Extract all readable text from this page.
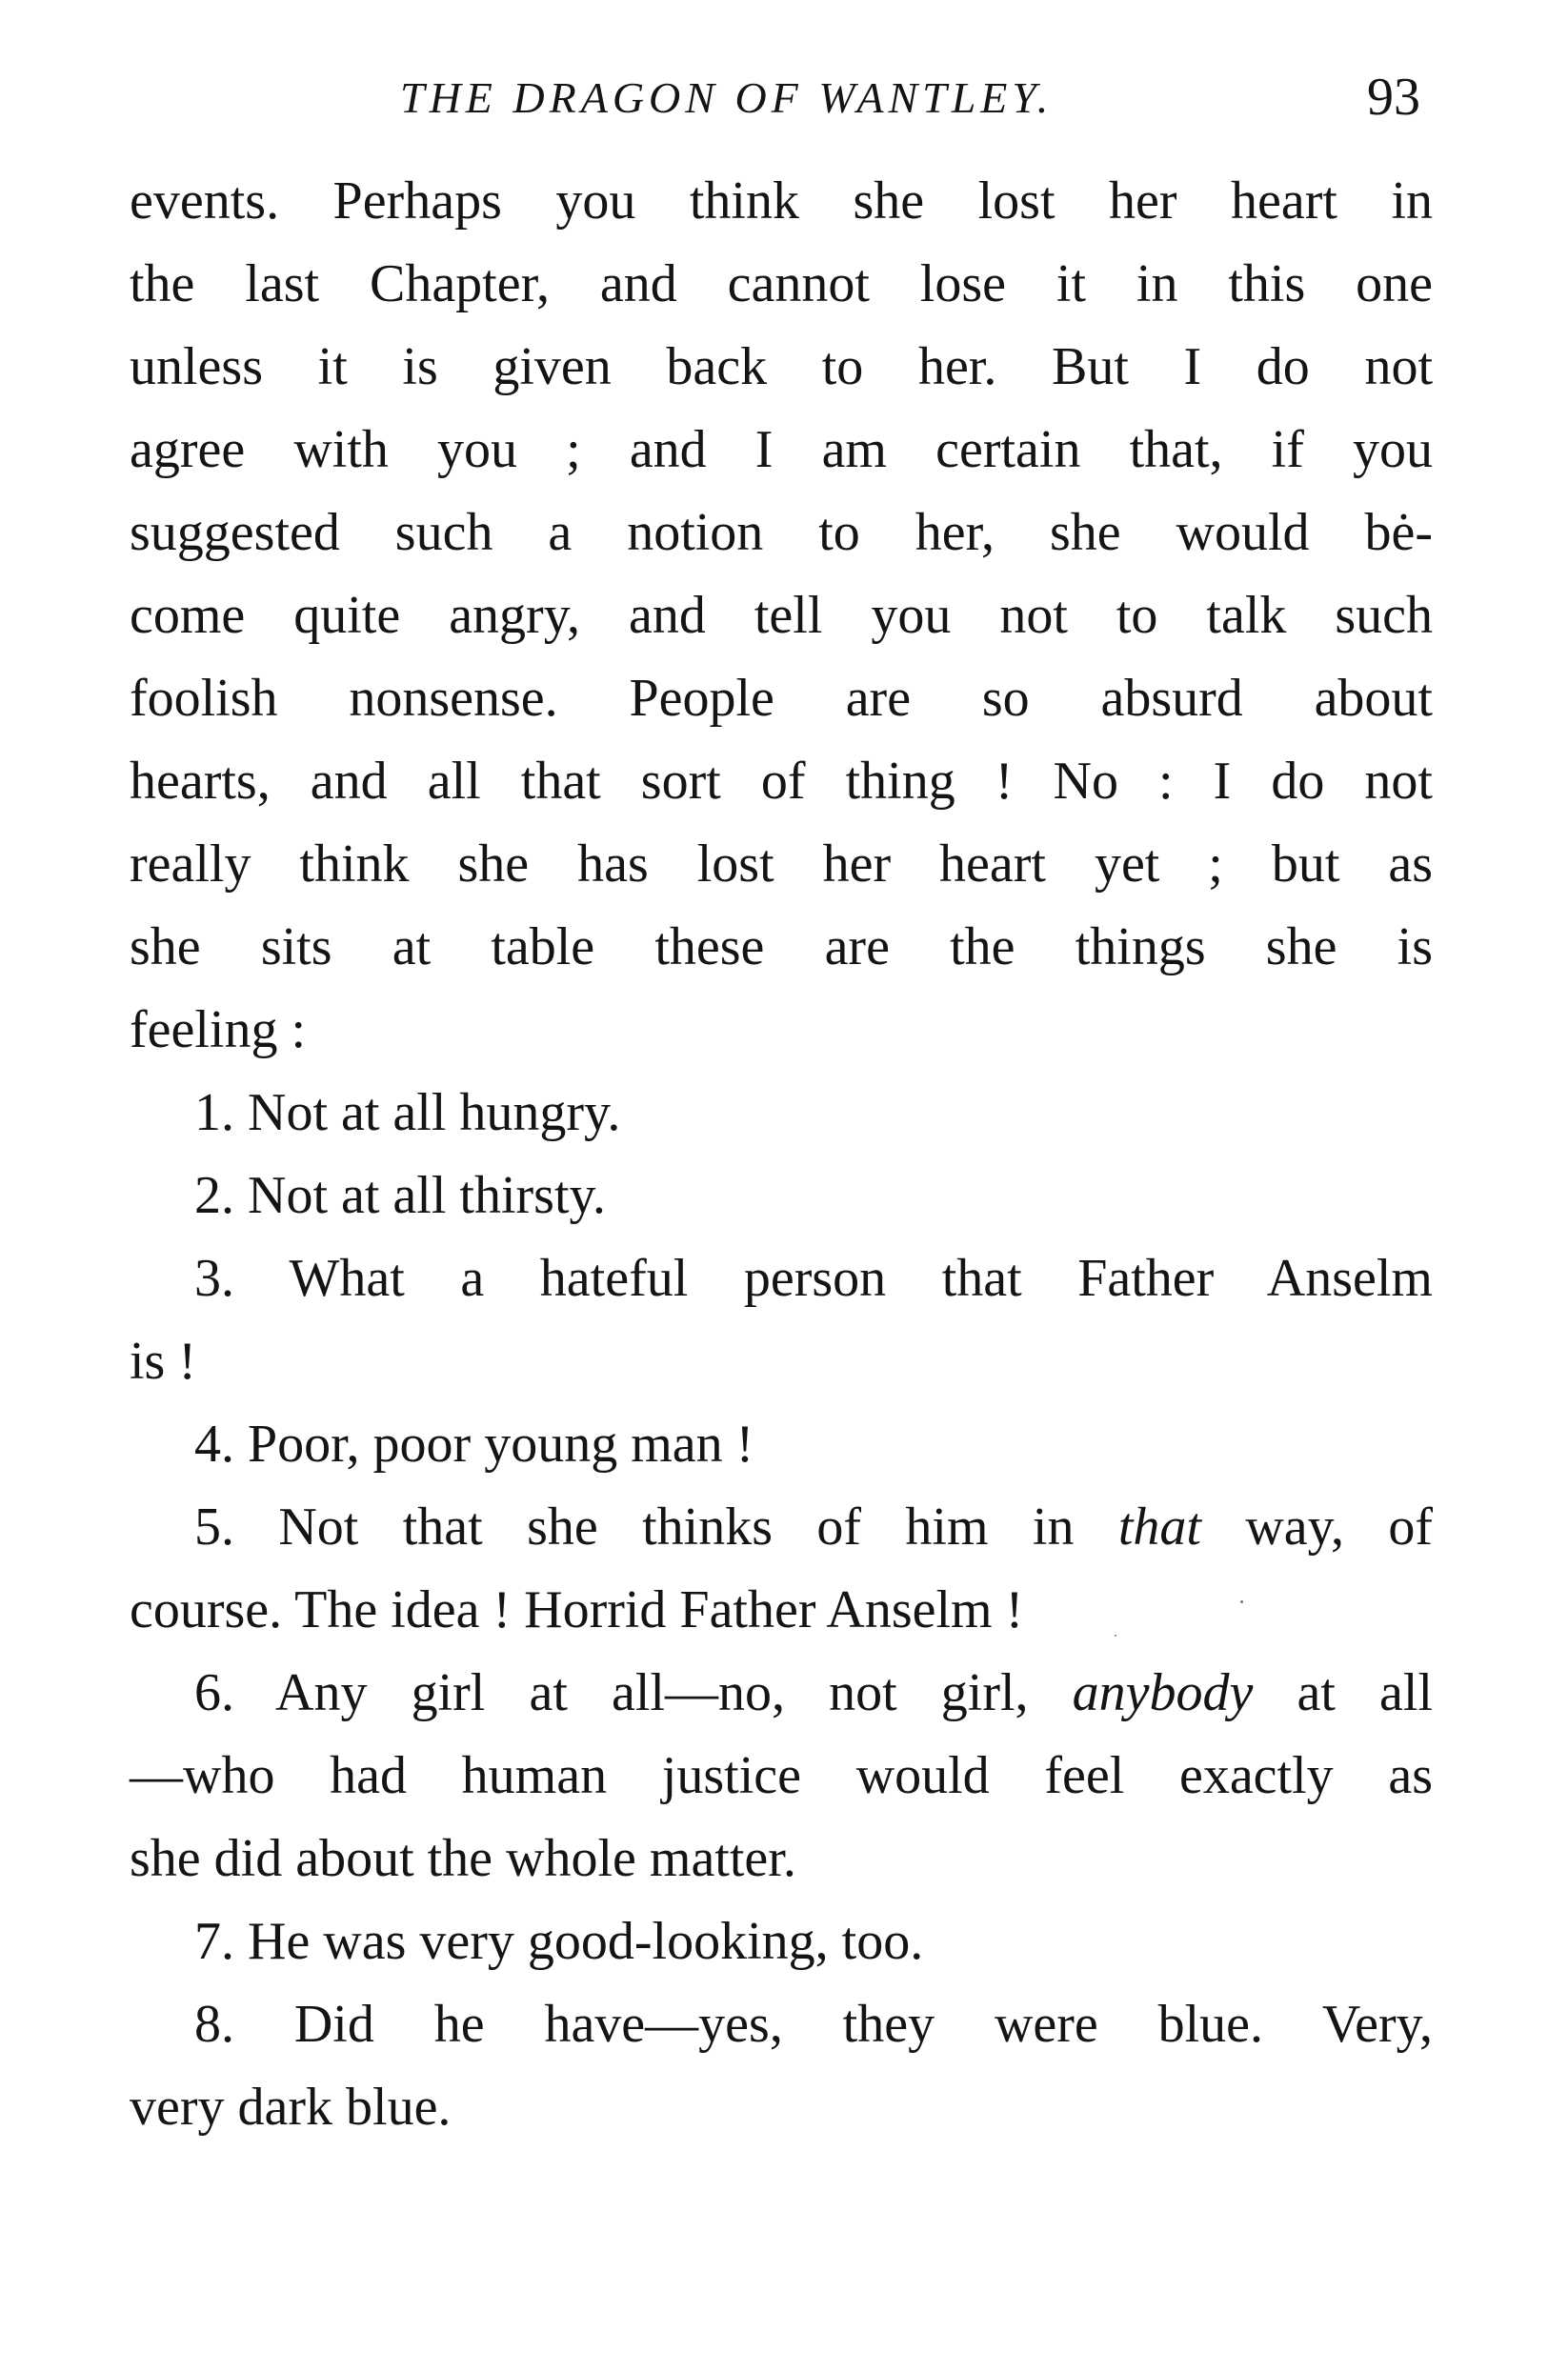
THE DRAGON OF WANTLEY.	93
events. Perhaps you think she lost her heart in
the last Chapter, and cannot lose it in this one
unless it is given back to her. But I do not
agree with you ; and I am certain that, if you
suggested such a notion to her, she would bė-
come quite angry, and tell you not to talk such
foolish nonsense. People are so absurd about
hearts, and all that sort of thing ! No : I do not
really think she has lost her heart yet ; but as
she sits at table these are the things she is
feeling :
1. Not at all hungry.
2. Not at all thirsty.
3. What a hateful person that Father Anselm
is !
4. Poor, poor young man !
5. Not that she thinks of him in that way, of
course. The idea ! Horrid Father Anselm !
6. Any girl at all—no, not girl, anybody at all
—who had human justice would feel exactly as
she did about the whole matter.
7. He was very good-looking, too.
8. Did he have—yes, they were blue. Very,
very dark blue.
